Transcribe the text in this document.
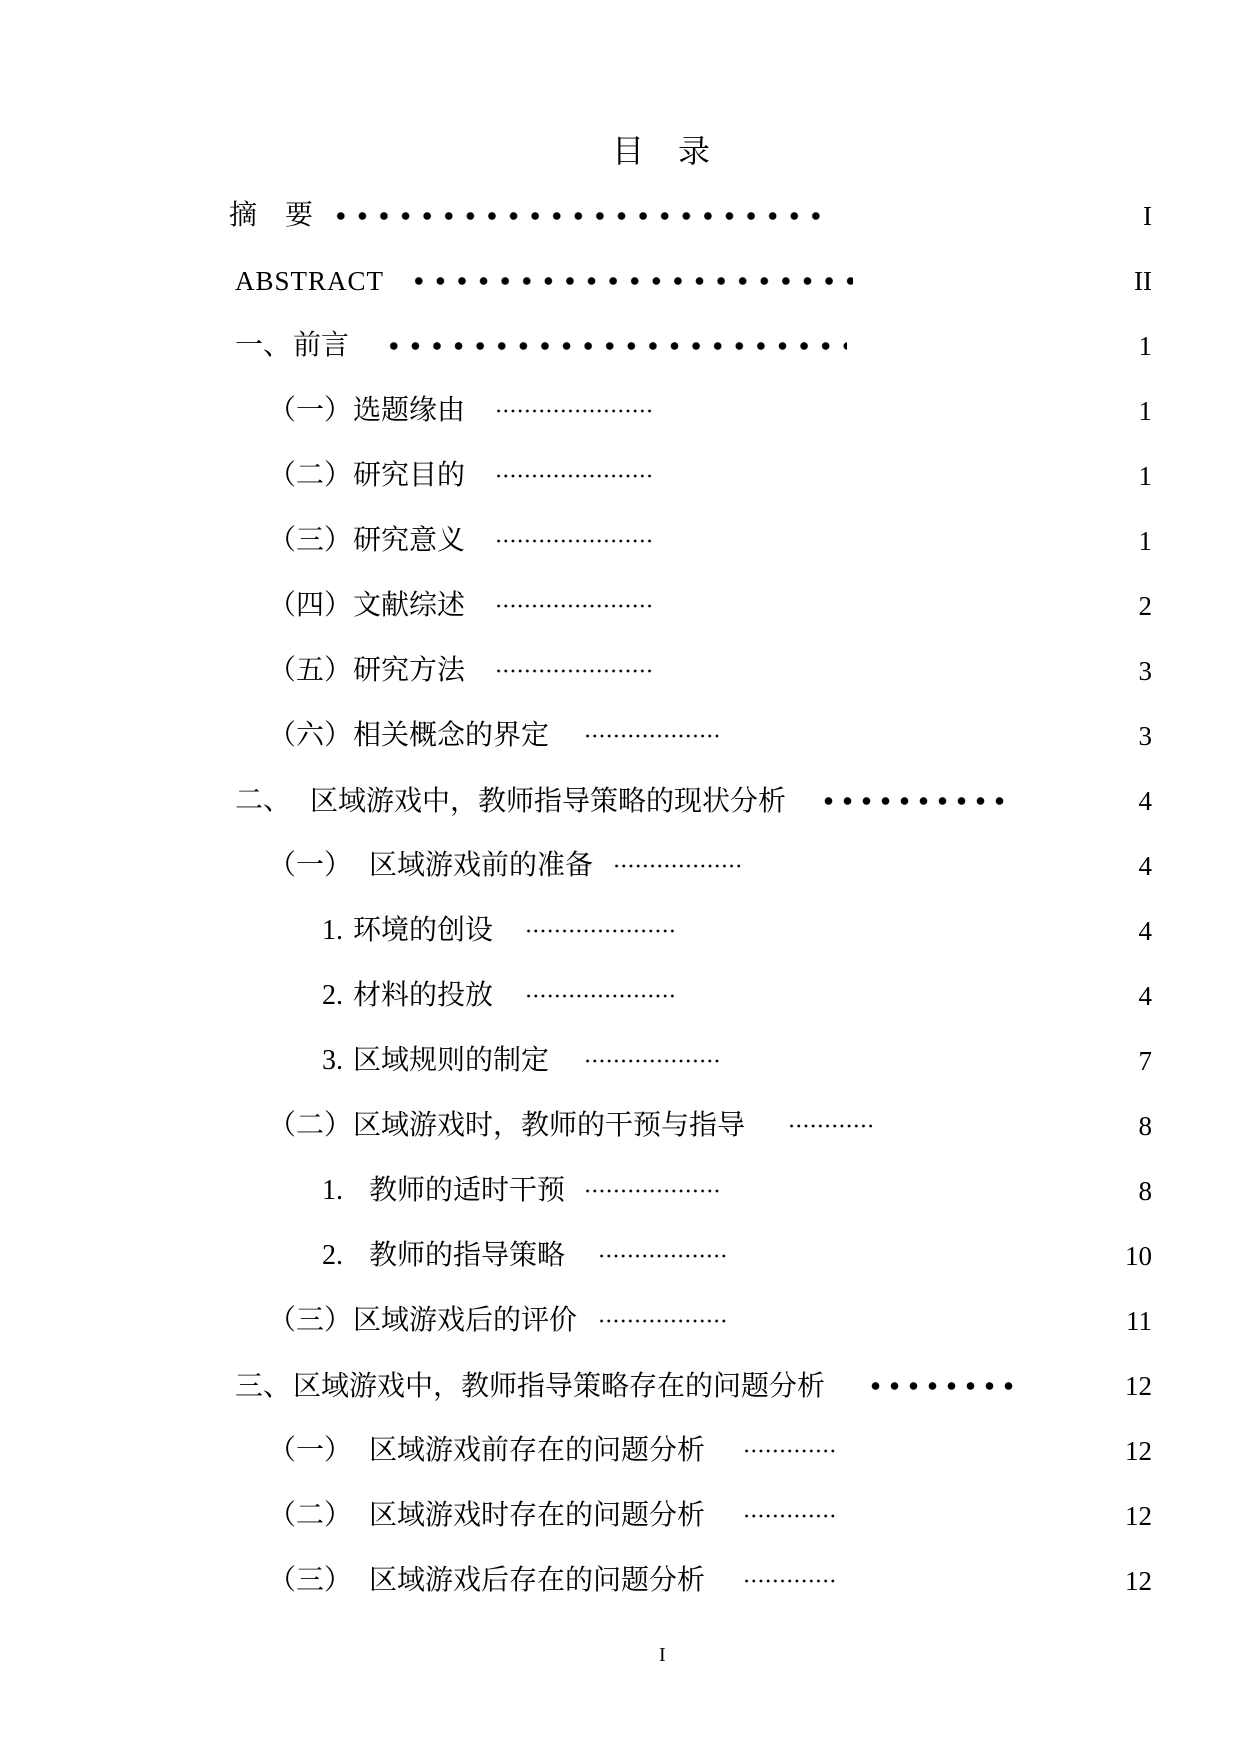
目 录
摘 要	I
ABSTRACT	II
一、 前言	1
（一） 选题缘由	1
（二） 研究目的	1
（三） 研究意义	1
（四） 文献综述	2
（五） 研究方法	3
（六） 相关概念的界定	3
二、 区域游戏中，教师指导策略的现状分析	4
（一） 区域游戏前的准备	4
1. 环境的创设	4
2. 材料的投放	4
3. 区域规则的制定	7
（二） 区域游戏时，教师的干预与指导	8
1. 教师的适时干预	8
2. 教师的指导策略	10
（三） 区域游戏后的评价	11
三、 区域游戏中，教师指导策略存在的问题分析	12
（一） 区域游戏前存在的问题分析	12
（二） 区域游戏时存在的问题分析	12
（三） 区域游戏后存在的问题分析	12
I
